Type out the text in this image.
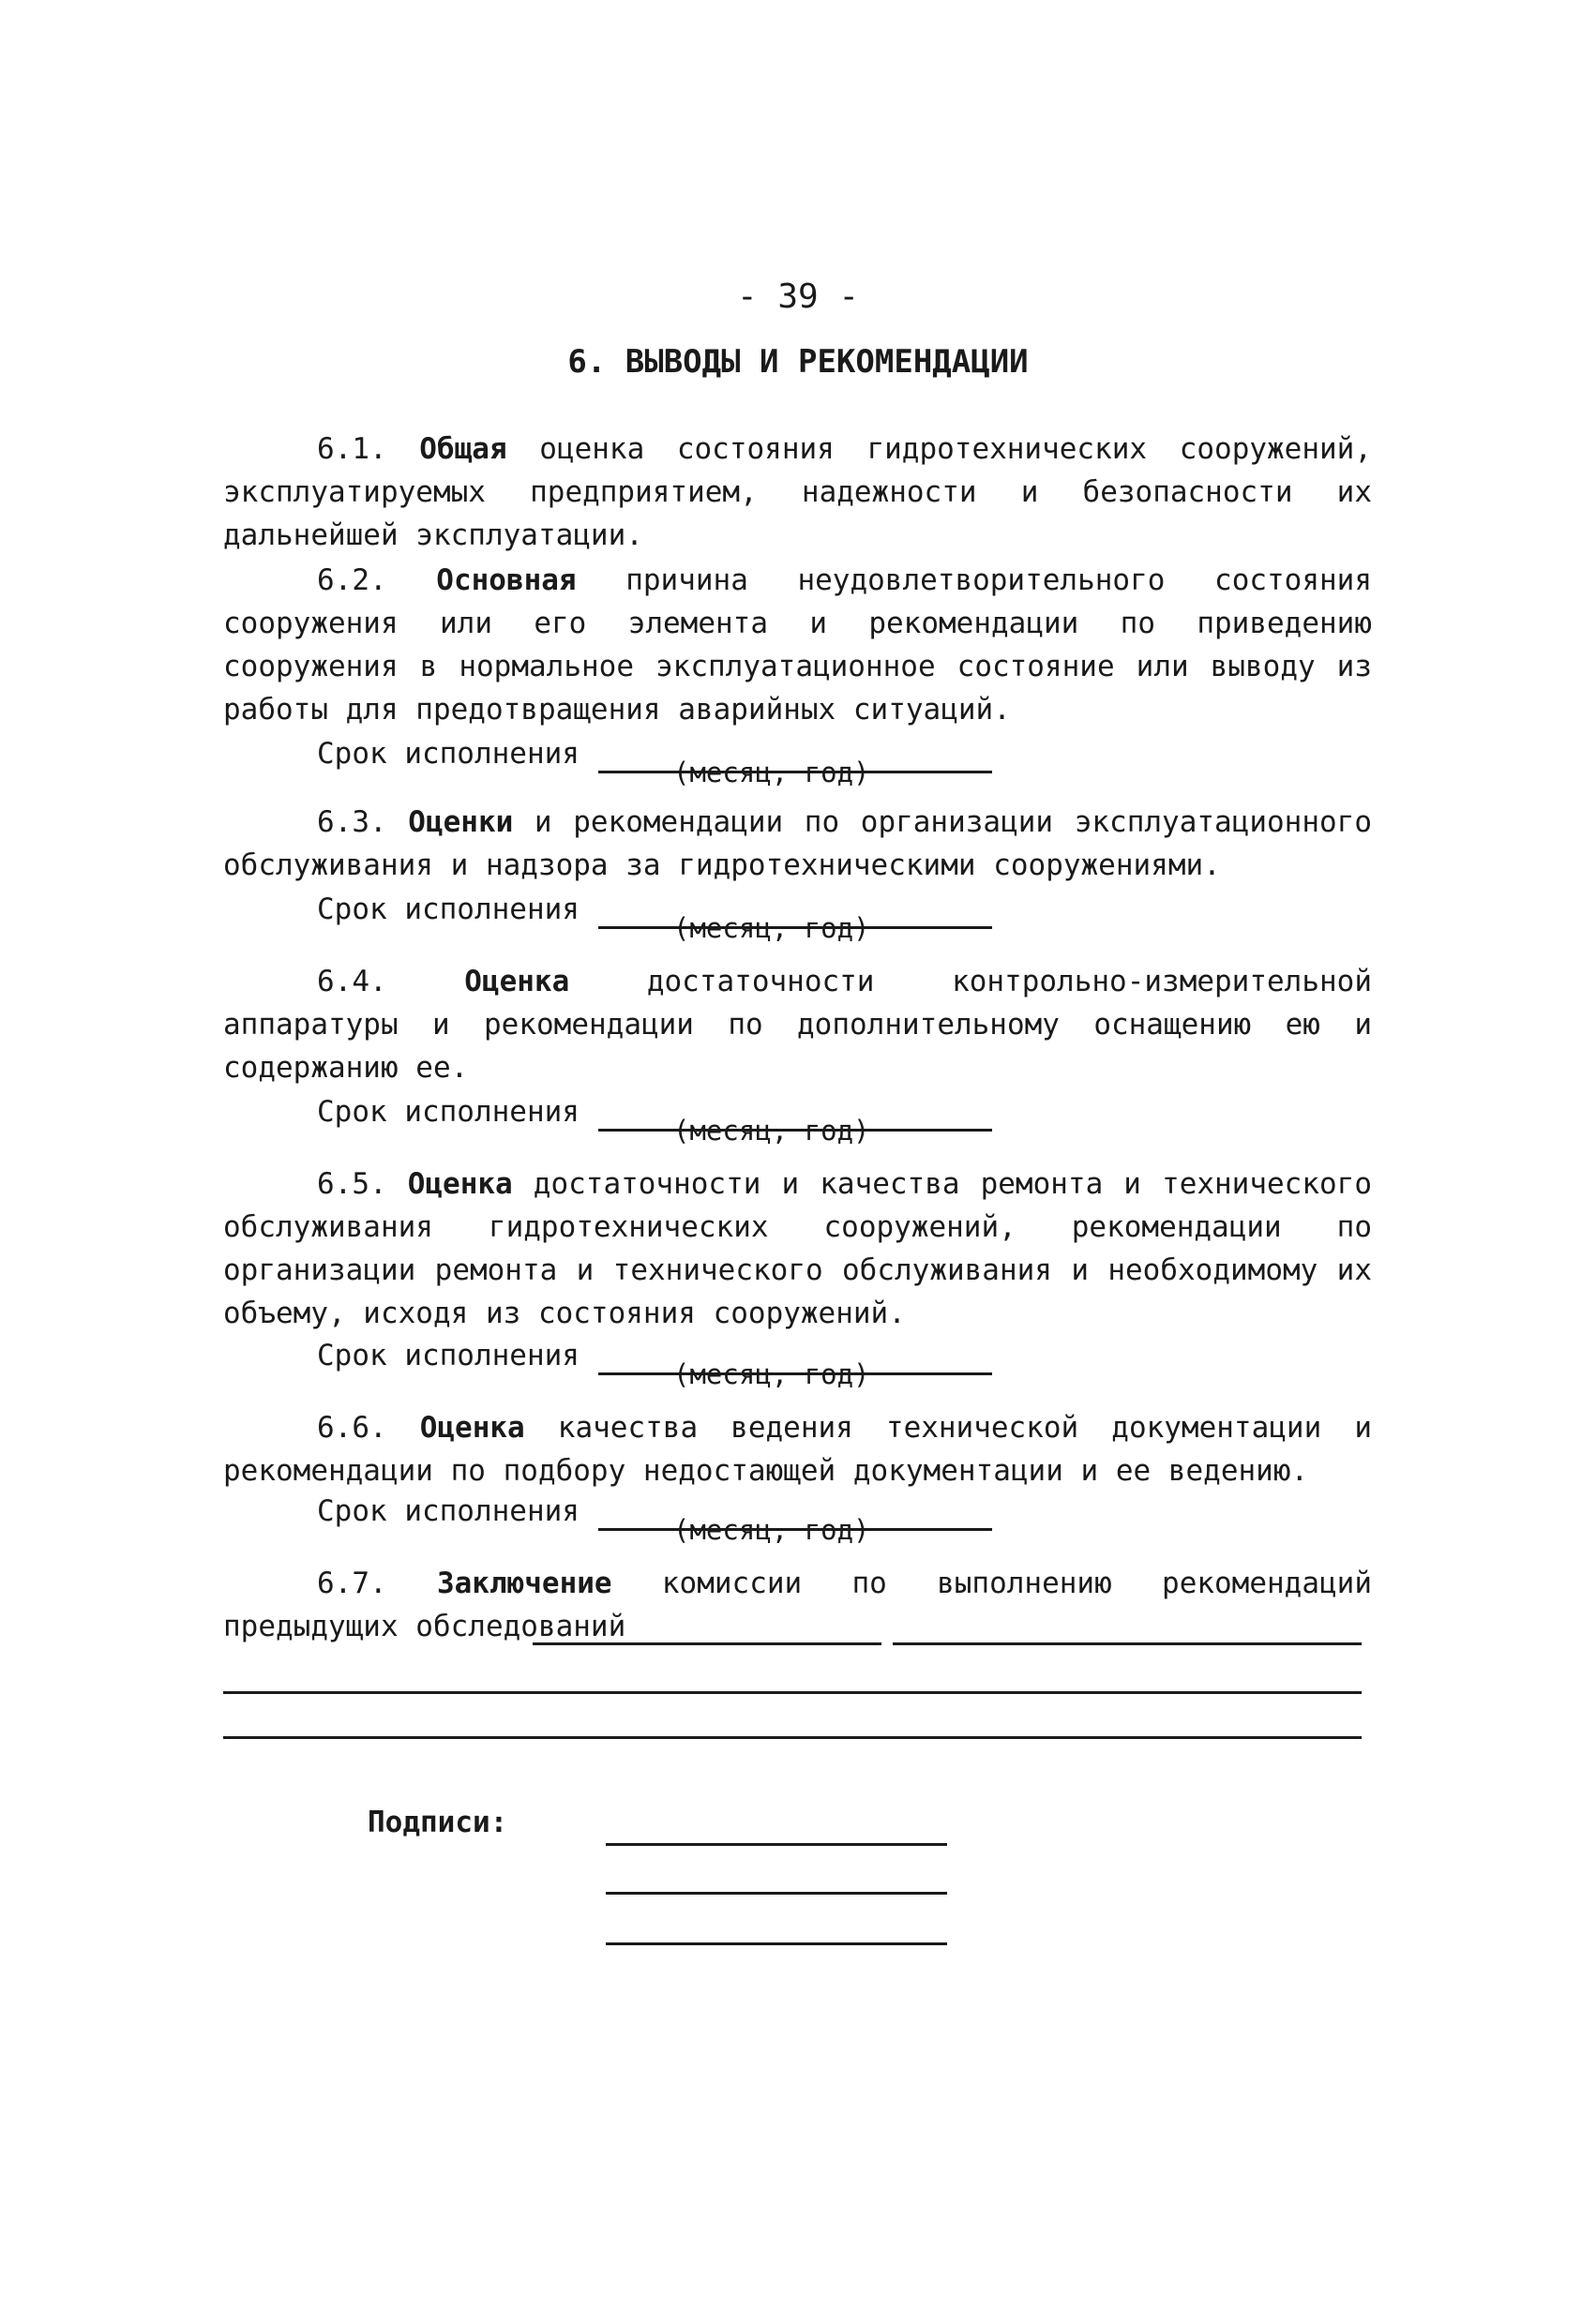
- 39 -
6. ВЫВОДЫ И РЕКОМЕНДАЦИИ

6.1. Общая оценка состояния гидротехнических сооружений, эксплуатируемых предприятием, надежности и безопасности их дальнейшей эксплуатации.

6.2. Основная причина неудовлетворительного состояния сооружения или его элемента и рекомендации по приведению сооружения в нормальное эксплуатационное состояние или выводу из работы для предотвращения аварийных ситуаций.

Срок исполнения
(месяц, год)

6.3. Оценки и рекомендации по организации эксплуатационного обслуживания и надзора за гидротехническими сооружениями.

Срок исполнения
(месяц, год)

6.4.	Оценка достаточности контрольно-измерительной аппаратуры и рекомендации по дополнительному оснащению ею и содержанию ее.

Срок исполнения
(месяц, год)

6.5. Оценка достаточности и качества ремонта и технического обслуживания гидротехнических сооружений, рекомендации по организации ремонта и технического обслуживания и необходимому их объему, исходя из состояния сооружений.

Срок исполнения
(месяц, год)

6.6. Оценка качества ведения технической документации и рекомендации по подбору недостающей документации и ее ведению.

Срок исполнения
(месяц, год)

6.7. Заключение комиссии по выполнению рекомендаций предыдущих обследований

Подписи:
